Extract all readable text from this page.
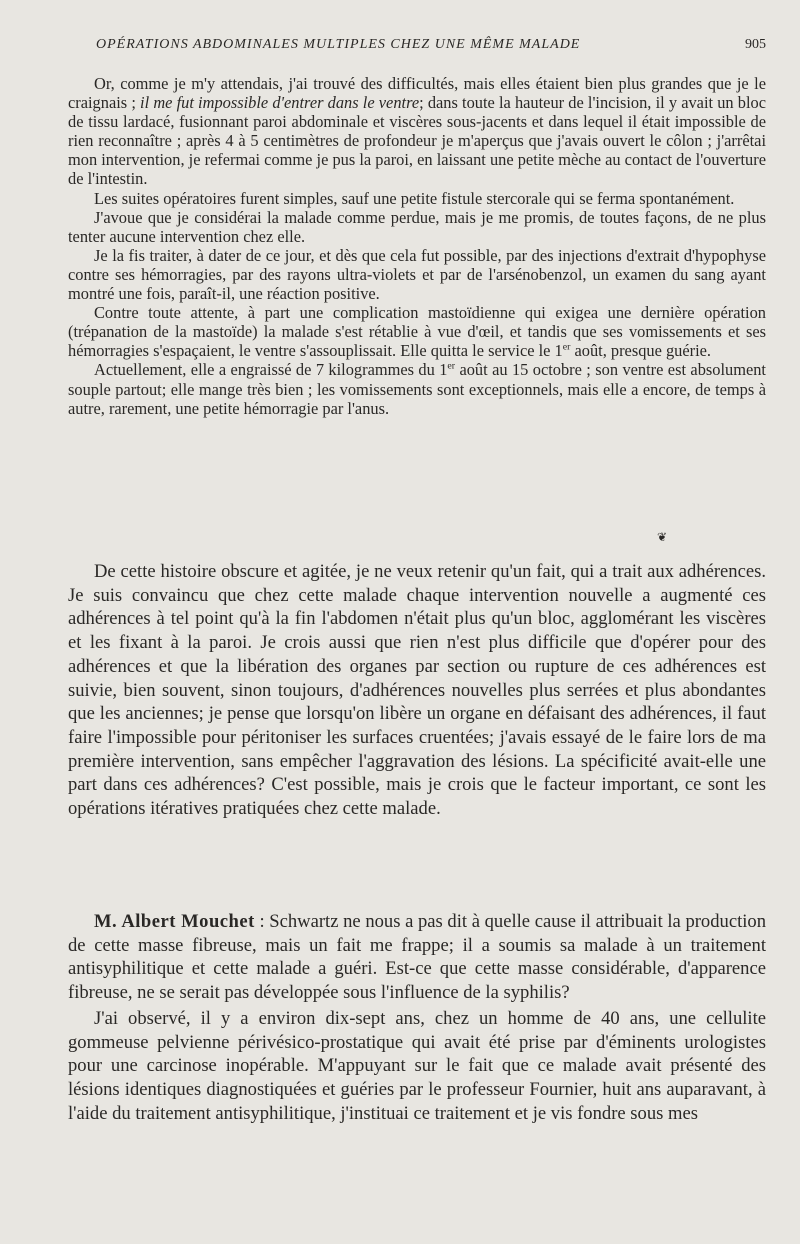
OPÉRATIONS ABDOMINALES MULTIPLES CHEZ UNE MÊME MALADE	905

Or, comme je m'y attendais, j'ai trouvé des difficultés, mais elles étaient bien plus grandes que je le craignais ; il me fut impossible d'entrer dans le ventre; dans toute la hauteur de l'incision, il y avait un bloc de tissu lardacé, fusionnant paroi abdominale et viscères sous-jacents et dans lequel il était impossible de rien reconnaître ; après 4 à 5 centimètres de profondeur je m'aperçus que j'avais ouvert le côlon ; j'arrêtai mon intervention, je refermai comme je pus la paroi, en laissant une petite mèche au contact de l'ouverture de l'intestin.

Les suites opératoires furent simples, sauf une petite fistule stercorale qui se ferma spontanément.

J'avoue que je considérai la malade comme perdue, mais je me promis, de toutes façons, de ne plus tenter aucune intervention chez elle.

Je la fis traiter, à dater de ce jour, et dès que cela fut possible, par des injections d'extrait d'hypophyse contre ses hémorragies, par des rayons ultra-violets et par de l'arsénobenzol, un examen du sang ayant montré une fois, paraît-il, une réaction positive.

Contre toute attente, à part une complication mastoïdienne qui exigea une dernière opération (trépanation de la mastoïde) la malade s'est rétablie à vue d'œil, et tandis que ses vomissements et ses hémorragies s'espaçaient, le ventre s'assouplissait. Elle quitta le service le 1er août, presque guérie.

Actuellement, elle a engraissé de 7 kilogrammes du 1er août au 15 octobre ; son ventre est absolument souple partout; elle mange très bien ; les vomissements sont exceptionnels, mais elle a encore, de temps à autre, rarement, une petite hémorragie par l'anus.

❦

De cette histoire obscure et agitée, je ne veux retenir qu'un fait, qui a trait aux adhérences. Je suis convaincu que chez cette malade chaque intervention nouvelle a augmenté ces adhérences à tel point qu'à la fin l'abdomen n'était plus qu'un bloc, agglomérant les viscères et les fixant à la paroi. Je crois aussi que rien n'est plus difficile que d'opérer pour des adhérences et que la libération des organes par section ou rupture de ces adhérences est suivie, bien souvent, sinon toujours, d'adhérences nouvelles plus serrées et plus abondantes que les anciennes; je pense que lorsqu'on libère un organe en défaisant des adhérences, il faut faire l'impossible pour péritoniser les surfaces cruentées; j'avais essayé de le faire lors de ma première intervention, sans empêcher l'aggravation des lésions. La spécificité avait-elle une part dans ces adhérences? C'est possible, mais je crois que le facteur important, ce sont les opérations itératives pratiquées chez cette malade.

M. Albert Mouchet : Schwartz ne nous a pas dit à quelle cause il attribuait la production de cette masse fibreuse, mais un fait me frappe; il a soumis sa malade à un traitement antisyphilitique et cette malade a guéri. Est-ce que cette masse considérable, d'apparence fibreuse, ne se serait pas développée sous l'influence de la syphilis?

J'ai observé, il y a environ dix-sept ans, chez un homme de 40 ans, une cellulite gommeuse pelvienne périvésico-prostatique qui avait été prise par d'éminents urologistes pour une carcinose inopérable. M'appuyant sur le fait que ce malade avait présenté des lésions identiques diagnostiquées et guéries par le professeur Fournier, huit ans auparavant, à l'aide du traitement antisyphilitique, j'instituai ce traitement et je vis fondre sous mes
